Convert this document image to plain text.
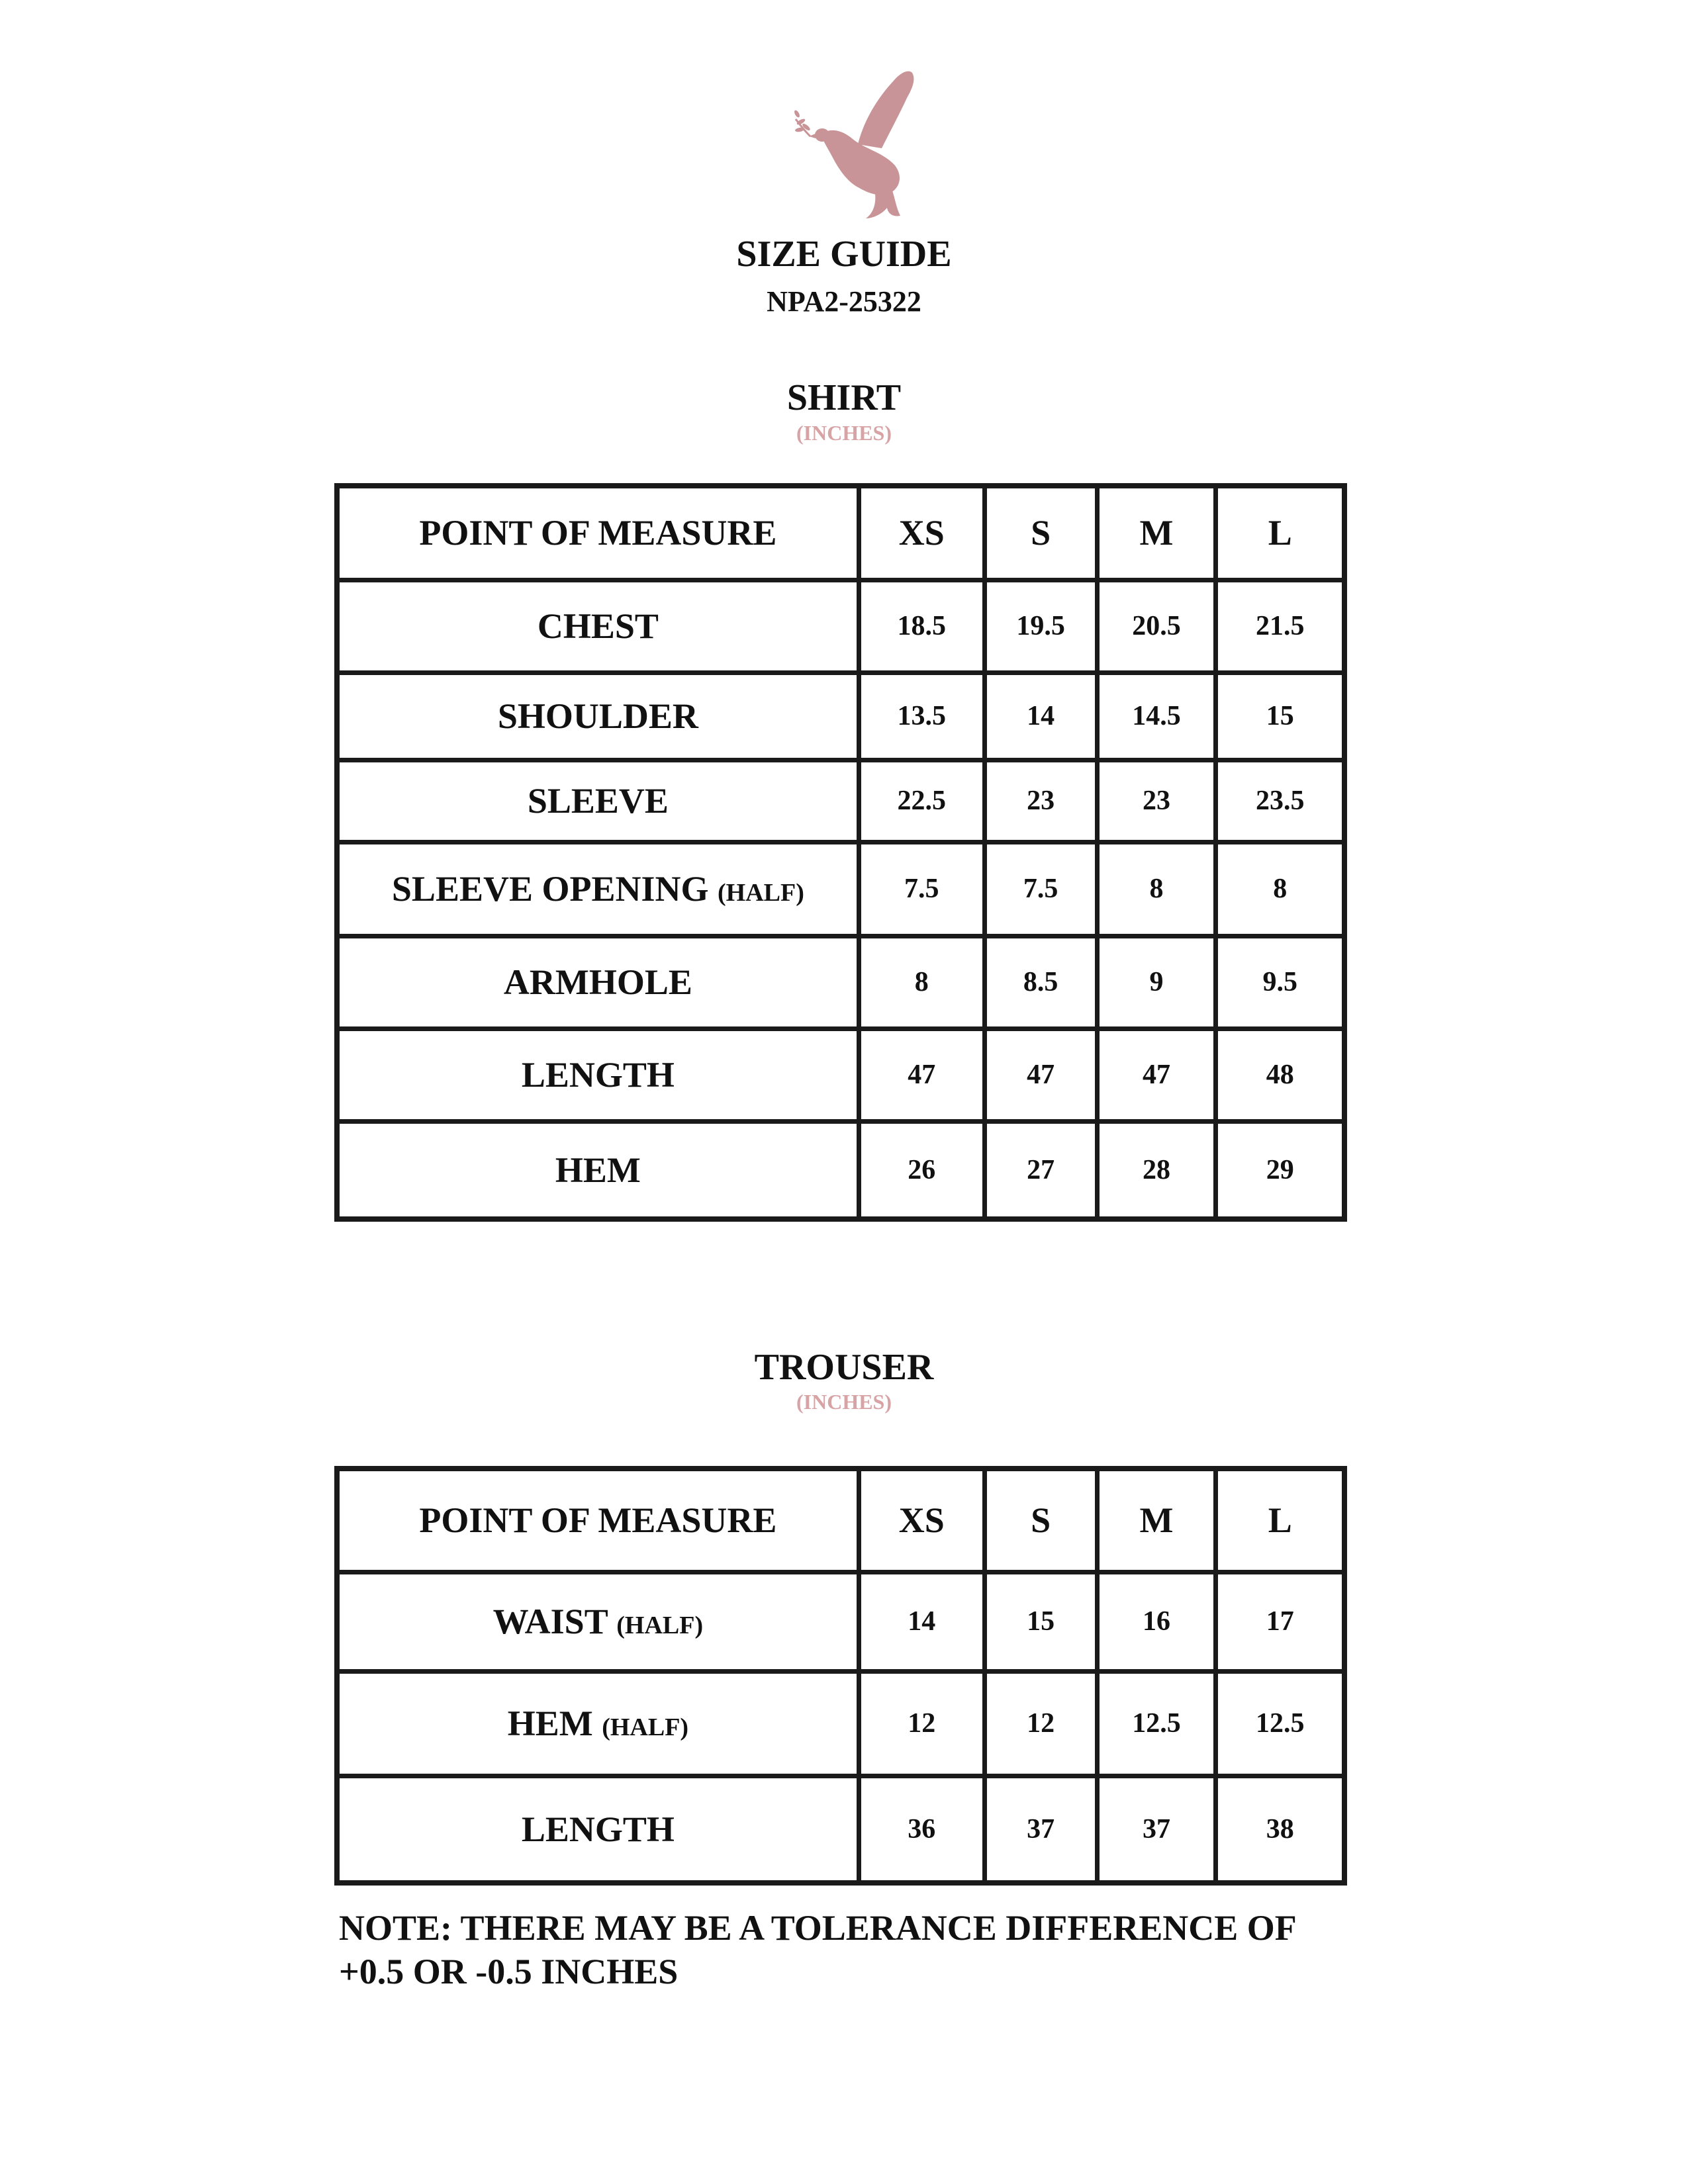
SIZE GUIDE
NPA2-25322
SHIRT
(INCHES)
POINT OF MEASURE	XS	S	M	L
CHEST	18.5	19.5	20.5	21.5
SHOULDER	13.5	14	14.5	15
SLEEVE	22.5	23	23	23.5
SLEEVE OPENING (HALF)	7.5	7.5	8	8
ARMHOLE	8	8.5	9	9.5
LENGTH	47	47	47	48
HEM	26	27	28	29
TROUSER
(INCHES)
POINT OF MEASURE	XS	S	M	L
WAIST (HALF)	14	15	16	17
HEM (HALF)	12	12	12.5	12.5
LENGTH	36	37	37	38
NOTE: THERE MAY BE A TOLERANCE DIFFERENCE OF
+0.5 OR -0.5 INCHES
